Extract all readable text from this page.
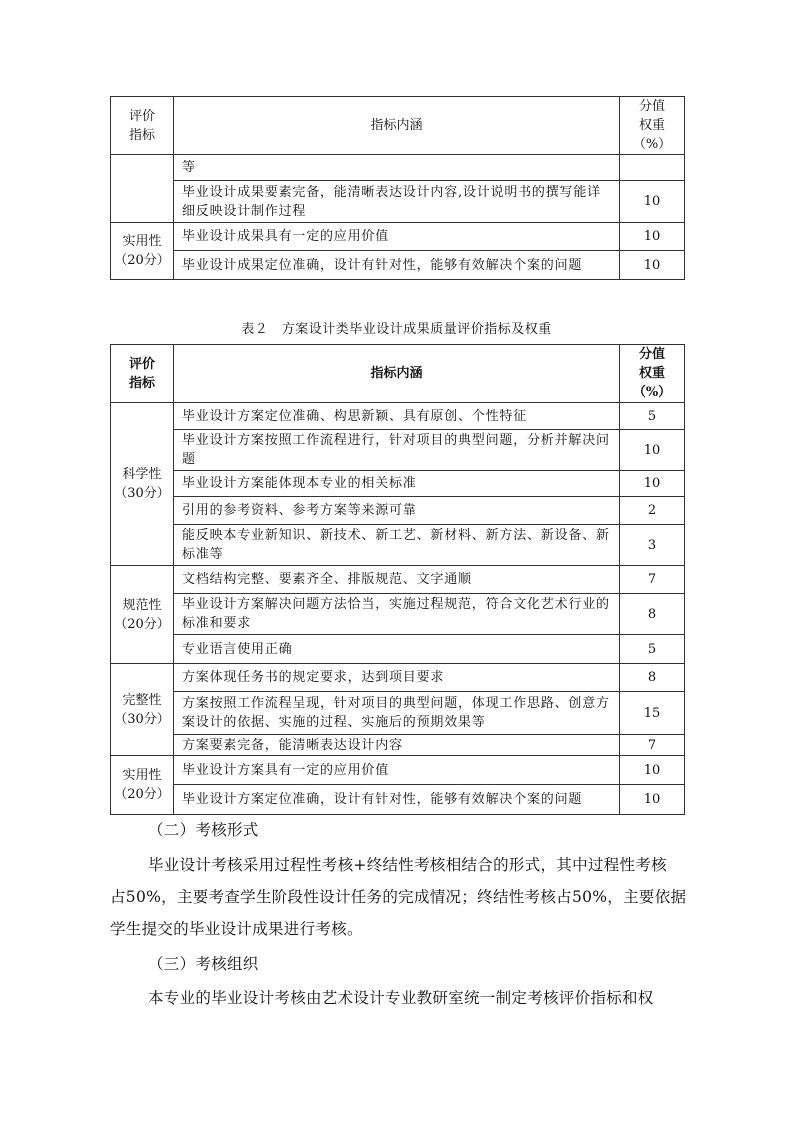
评价
指标	指标内涵	分值
权重
（%）
	等	
	毕业设计成果要素完备，能清晰表达设计内容,设计说明书的撰写能详细反映设计制作过程	10
实用性
（20分）	毕业设计成果具有一定的应用价值	10
	毕业设计成果定位准确，设计有针对性，能够有效解决个案的问题	10
表２　方案设计类毕业设计成果质量评价指标及权重
评价
指标	指标内涵	分值
权重
（%）
科学性
（30分）	毕业设计方案定位准确、构思新颖、具有原创、个性特征	5
	毕业设计方案按照工作流程进行，针对项目的典型问题，分析并解决问题	10
	毕业设计方案能体现本专业的相关标准	10
	引用的参考资料、参考方案等来源可靠	2
	能反映本专业新知识、新技术、新工艺、新材料、新方法、新设备、新标准等	3
规范性
（20分）	文档结构完整、要素齐全、排版规范、文字通顺	7
	毕业设计方案解决问题方法恰当，实施过程规范，符合文化艺术行业的标准和要求	8
	专业语言使用正确	5
完整性
（30分）	方案体现任务书的规定要求，达到项目要求	8
	方案按照工作流程呈现，针对项目的典型问题，体现工作思路、创意方案设计的依据、实施的过程、实施后的预期效果等	15
	方案要素完备，能清晰表达设计内容	7
实用性
（20分）	毕业设计方案具有一定的应用价值	10
	毕业设计方案定位准确，设计有针对性，能够有效解决个案的问题	10
（二）考核形式
毕业设计考核采用过程性考核+终结性考核相结合的形式，其中过程性考核
占50%，主要考查学生阶段性设计任务的完成情况；终结性考核占50%，主要依据
学生提交的毕业设计成果进行考核。
（三）考核组织
本专业的毕业设计考核由艺术设计专业教研室统一制定考核评价指标和权
